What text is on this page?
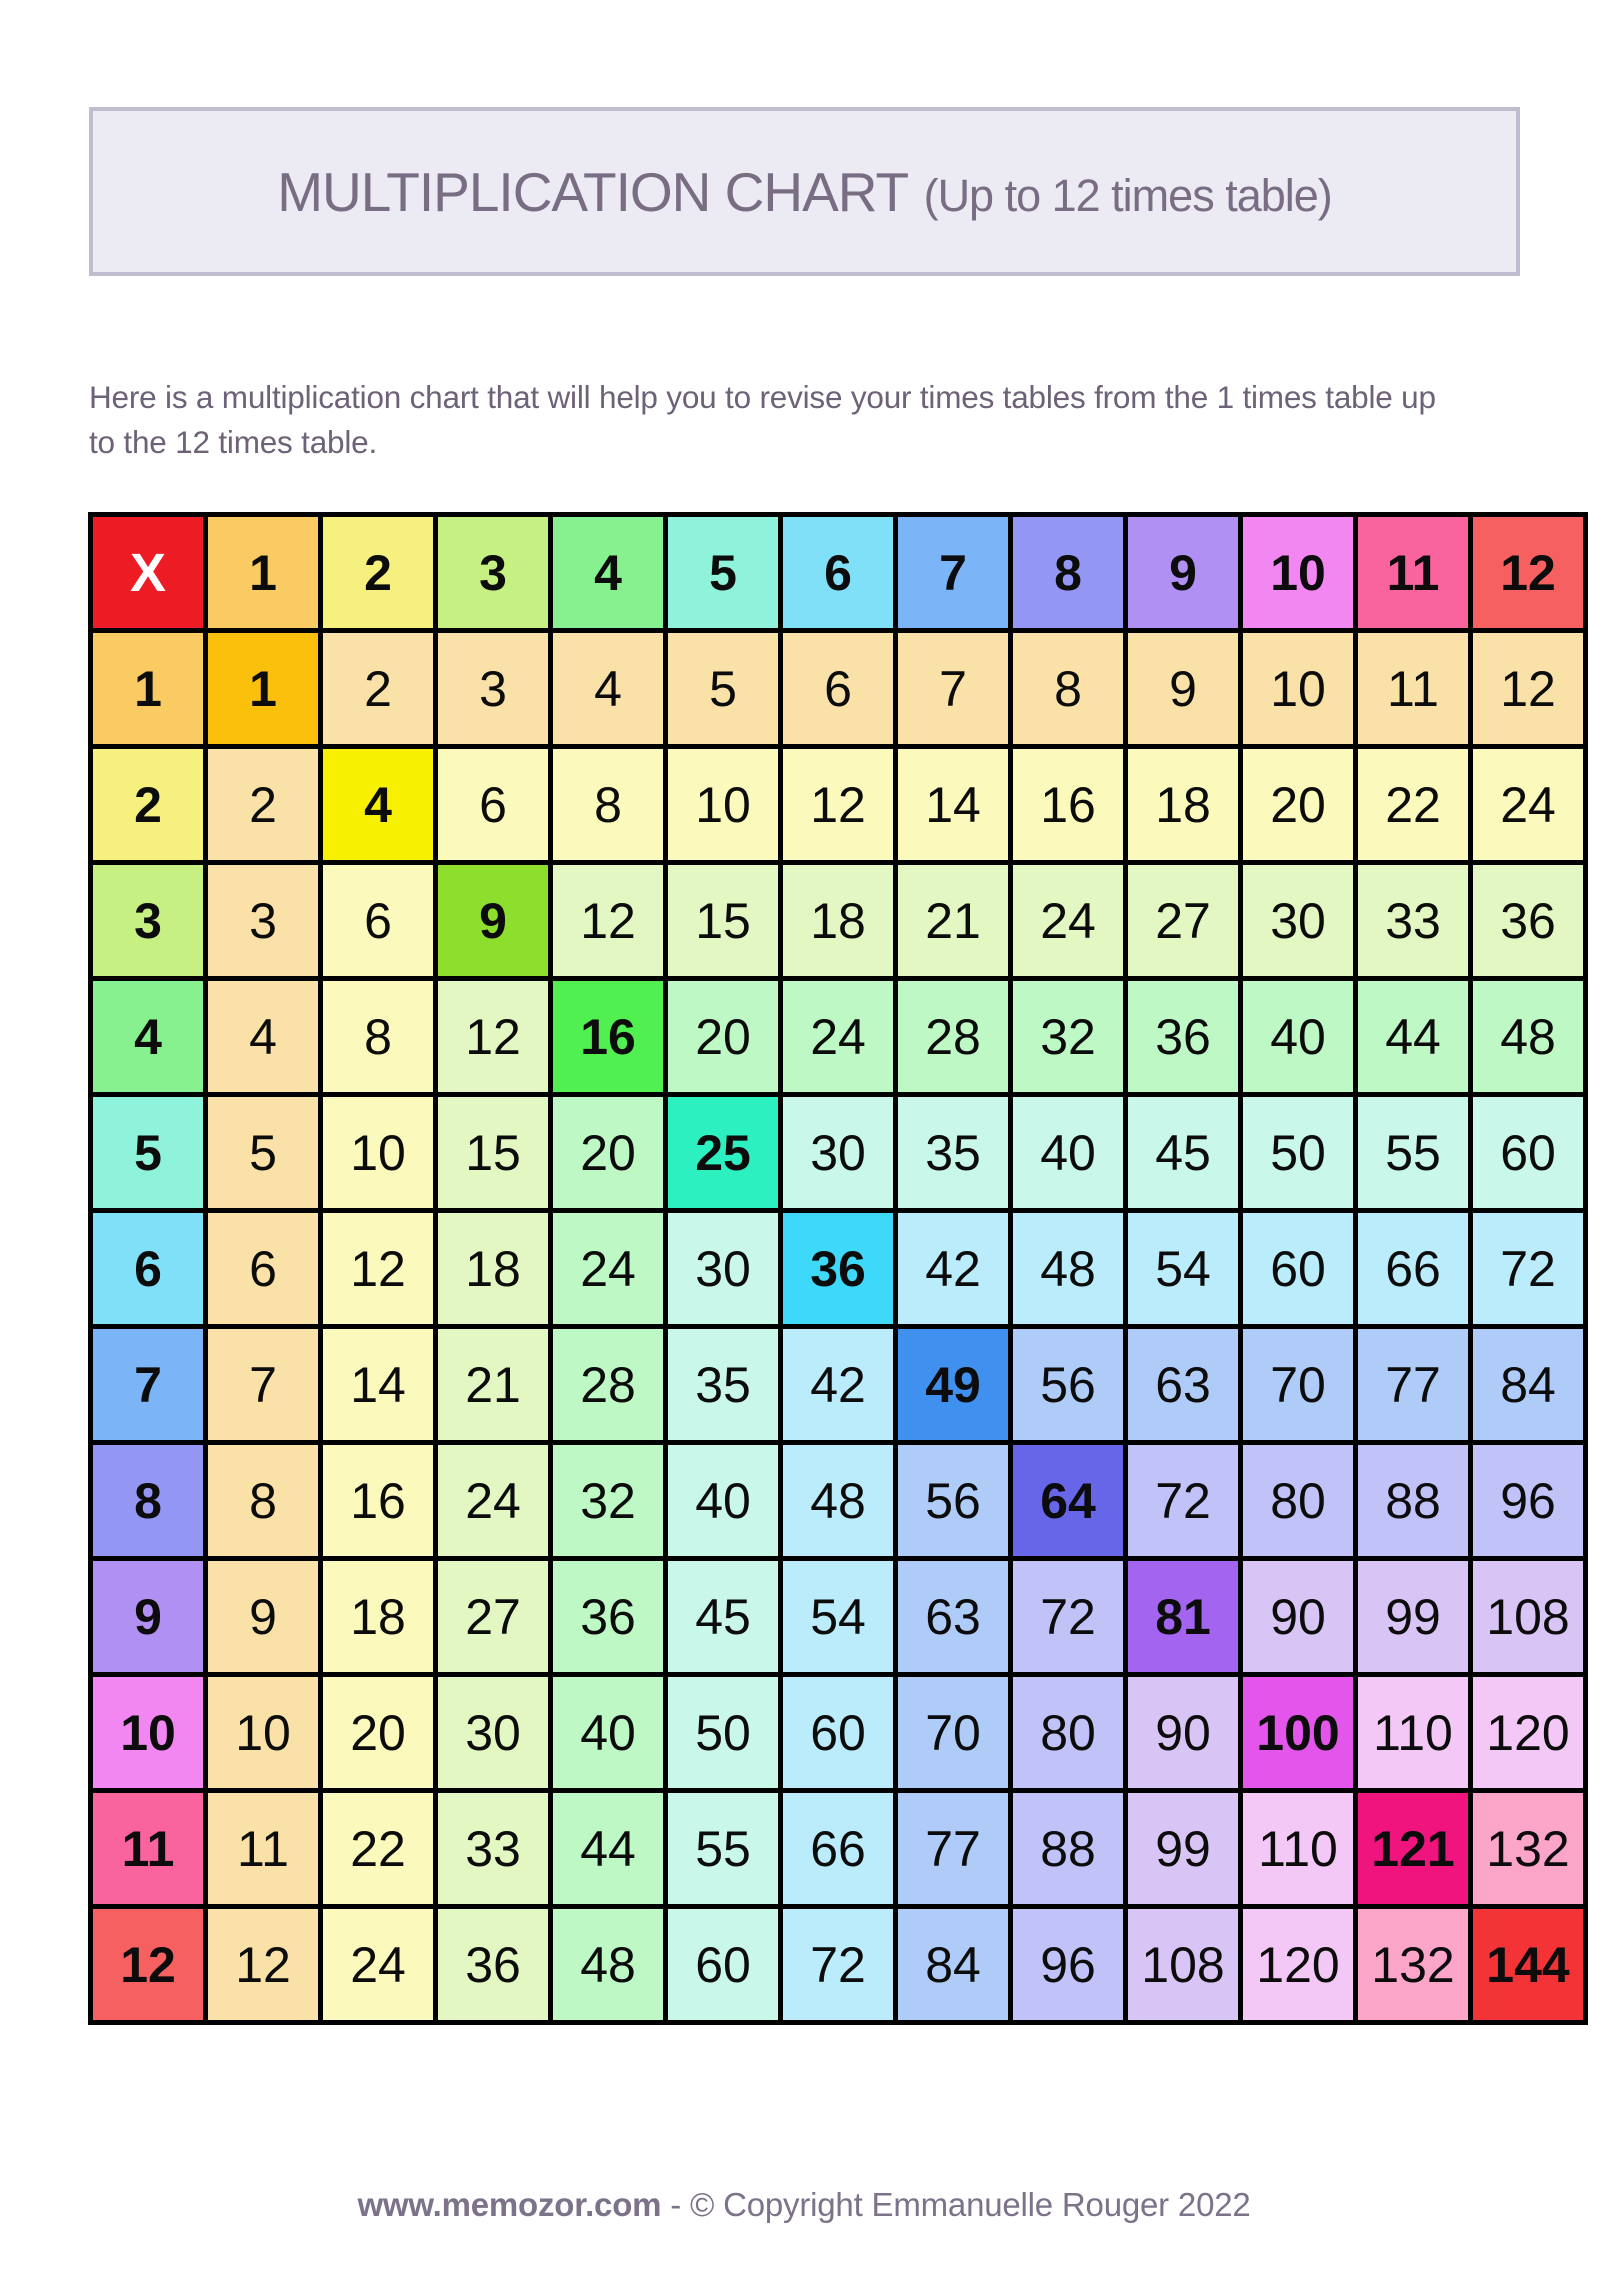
MULTIPLICATION CHART (Up to 12 times table)

Here is a multiplication chart that will help you to revise your times tables from the 1 times table up to the 12 times table.

X	1	2	3	4	5	6	7	8	9	10	11	12
1	1	2	3	4	5	6	7	8	9	10	11	12
2	2	4	6	8	10	12	14	16	18	20	22	24
3	3	6	9	12	15	18	21	24	27	30	33	36
4	4	8	12	16	20	24	28	32	36	40	44	48
5	5	10	15	20	25	30	35	40	45	50	55	60
6	6	12	18	24	30	36	42	48	54	60	66	72
7	7	14	21	28	35	42	49	56	63	70	77	84
8	8	16	24	32	40	48	56	64	72	80	88	96
9	9	18	27	36	45	54	63	72	81	90	99	108
10	10	20	30	40	50	60	70	80	90	100	110	120
11	11	22	33	44	55	66	77	88	99	110	121	132
12	12	24	36	48	60	72	84	96	108	120	132	144
www.memozor.com - © Copyright Emmanuelle Rouger 2022
